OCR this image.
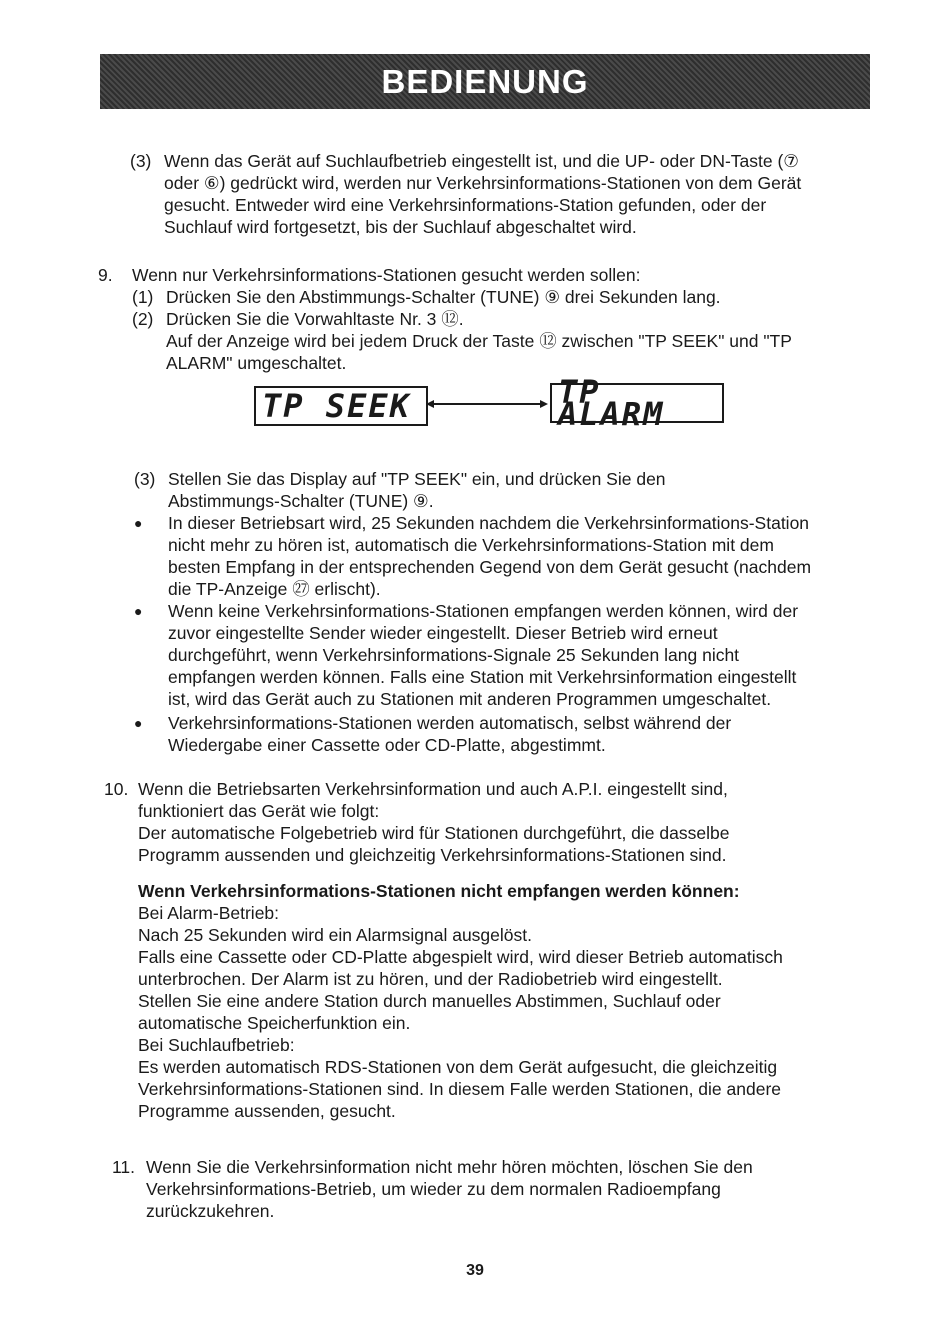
BEDIENUNG
(3) Wenn das Gerät auf Suchlaufbetrieb eingestellt ist, und die UP- oder DN-Taste (⑦

oder ⑥) gedrückt wird, werden nur Verkehrsinformations-Stationen von dem Gerät

gesucht. Entweder wird eine Verkehrsinformations-Station gefunden, oder der

Suchlauf wird fortgesetzt, bis der Suchlauf abgeschaltet wird.

9.	Wenn nur Verkehrsinformations-Stationen gesucht werden sollen:
(1) Drücken Sie den Abstimmungs-Schalter (TUNE) ⑨ drei Sekunden lang.
(2) Drücken Sie die Vorwahltaste Nr. 3 ⑫.

Auf der Anzeige wird bei jedem Druck der Taste ⑫ zwischen "TP SEEK" und "TP

ALARM" umgeschaltet.

TP SEEK	TP ALARM
(3) Stellen Sie das Display auf "TP SEEK" ein, und drücken Sie den

Abstimmungs-Schalter (TUNE) ⑨.

●	In dieser Betriebsart wird, 25 Sekunden nachdem die Verkehrsinformations-Station

nicht mehr zu hören ist, automatisch die Verkehrsinformations-Station mit dem

besten Empfang in der entsprechenden Gegend von dem Gerät gesucht (nachdem

die TP-Anzeige ㉗ erlischt).

●	Wenn keine Verkehrsinformations-Stationen empfangen werden können, wird der

zuvor eingestellte Sender wieder eingestellt. Dieser Betrieb wird erneut

durchgeführt, wenn Verkehrsinformations-Signale 25 Sekunden lang nicht

empfangen werden können. Falls eine Station mit Verkehrsinformation eingestellt

ist, wird das Gerät auch zu Stationen mit anderen Programmen umgeschaltet.

●	Verkehrsinformations-Stationen werden automatisch, selbst während der

Wiedergabe einer Cassette oder CD-Platte, abgestimmt.

10. Wenn die Betriebsarten Verkehrsinformation und auch A.P.I. eingestellt sind,

funktioniert das Gerät wie folgt:

Der automatische Folgebetrieb wird für Stationen durchgeführt, die dasselbe

Programm aussenden und gleichzeitig Verkehrsinformations-Stationen sind.

Wenn Verkehrsinformations-Stationen nicht empfangen werden können:

Bei Alarm-Betrieb:

Nach 25 Sekunden wird ein Alarmsignal ausgelöst.

Falls eine Cassette oder CD-Platte abgespielt wird, wird dieser Betrieb automatisch

unterbrochen. Der Alarm ist zu hören, und der Radiobetrieb wird eingestellt.

Stellen Sie eine andere Station durch manuelles Abstimmen, Suchlauf oder

automatische Speicherfunktion ein.

Bei Suchlaufbetrieb:

Es werden automatisch RDS-Stationen von dem Gerät aufgesucht, die gleichzeitig

Verkehrsinformations-Stationen sind. In diesem Falle werden Stationen, die andere

Programme aussenden, gesucht.

11. Wenn Sie die Verkehrsinformation nicht mehr hören möchten, löschen Sie den

Verkehrsinformations-Betrieb, um wieder zu dem normalen Radioempfang

zurückzukehren.

39
